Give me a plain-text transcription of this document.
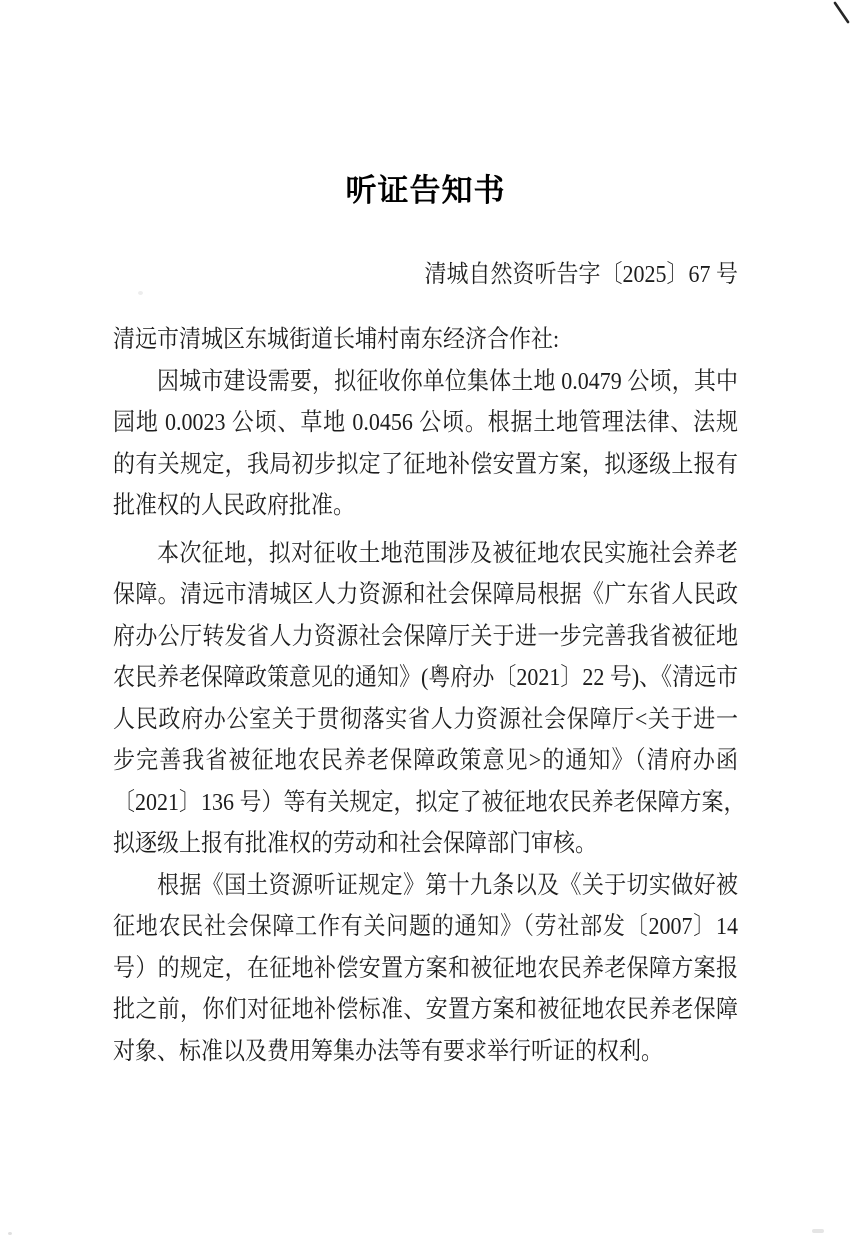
听证告知书
清城自然资听告字〔2025〕67 号
清远市清城区东城街道长埔村南东经济合作社:
因城市建设需要，拟征收你单位集体土地 0.0479 公顷，其中
园地 0.0023 公顷、草地 0.0456 公顷。根据土地管理法律、法规
的有关规定，我局初步拟定了征地补偿安置方案，拟逐级上报有
批准权的人民政府批准。
本次征地，拟对征收土地范围涉及被征地农民实施社会养老
保障。清远市清城区人力资源和社会保障局根据《广东省人民政
府办公厅转发省人力资源社会保障厅关于进一步完善我省被征地
农民养老保障政策意见的通知》(粤府办〔2021〕22 号)、《清远市
人民政府办公室关于贯彻落实省人力资源社会保障厅<关于进一
步完善我省被征地农民养老保障政策意见>的通知》（清府办函
〔2021〕136 号）等有关规定，拟定了被征地农民养老保障方案，
拟逐级上报有批准权的劳动和社会保障部门审核。
根据《国土资源听证规定》第十九条以及《关于切实做好被
征地农民社会保障工作有关问题的通知》（劳社部发〔2007〕14
号）的规定，在征地补偿安置方案和被征地农民养老保障方案报
批之前，你们对征地补偿标准、安置方案和被征地农民养老保障
对象、标准以及费用筹集办法等有要求举行听证的权利。
